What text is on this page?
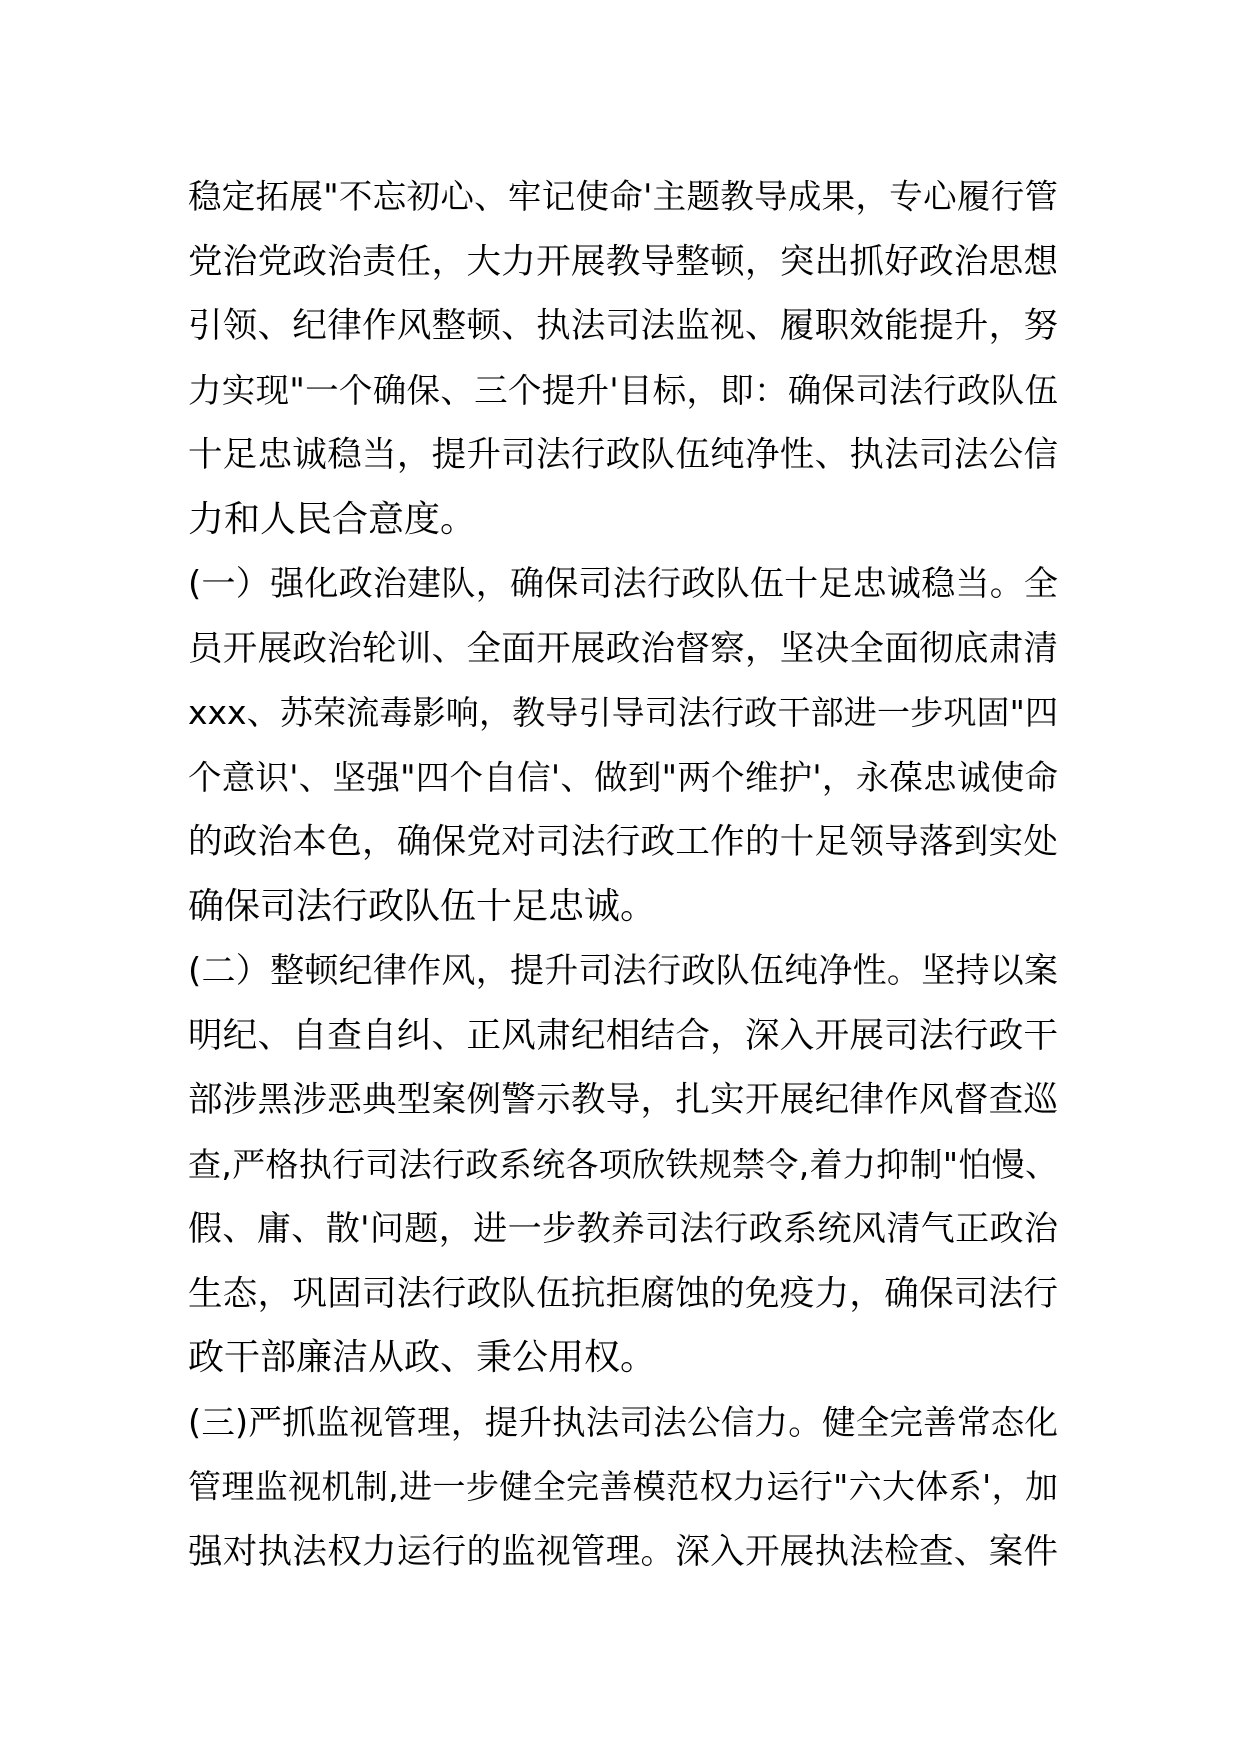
稳定拓展"不忘初心、牢记使命'主题教导成果，专心履行管
党治党政治责任，大力开展教导整顿，突出抓好政治思想
引领、纪律作风整顿、执法司法监视、履职效能提升，努
力实现"一个确保、三个提升'目标，即：确保司法行政队伍
十足忠诚稳当，提升司法行政队伍纯净性、执法司法公信
力和人民合意度。
(一）强化政治建队，确保司法行政队伍十足忠诚稳当。全
员开展政治轮训、全面开展政治督察，坚决全面彻底肃清
xxx、苏荣流毒影响，教导引导司法行政干部进一步巩固"四
个意识'、坚强"四个自信'、做到"两个维护'，永葆忠诚使命
的政治本色，确保党对司法行政工作的十足领导落到实处
确保司法行政队伍十足忠诚。
(二）整顿纪律作风，提升司法行政队伍纯净性。坚持以案
明纪、自查自纠、正风肃纪相结合，深入开展司法行政干
部涉黑涉恶典型案例警示教导，扎实开展纪律作风督查巡
查,严格执行司法行政系统各项欣铁规禁令,着力抑制"怕慢、
假、庸、散'问题，进一步教养司法行政系统风清气正政治
生态，巩固司法行政队伍抗拒腐蚀的免疫力，确保司法行
政干部廉洁从政、秉公用权。
(三)严抓监视管理，提升执法司法公信力。健全完善常态化
管理监视机制,进一步健全完善模范权力运行"六大体系'，加
强对执法权力运行的监视管理。深入开展执法检查、案件
